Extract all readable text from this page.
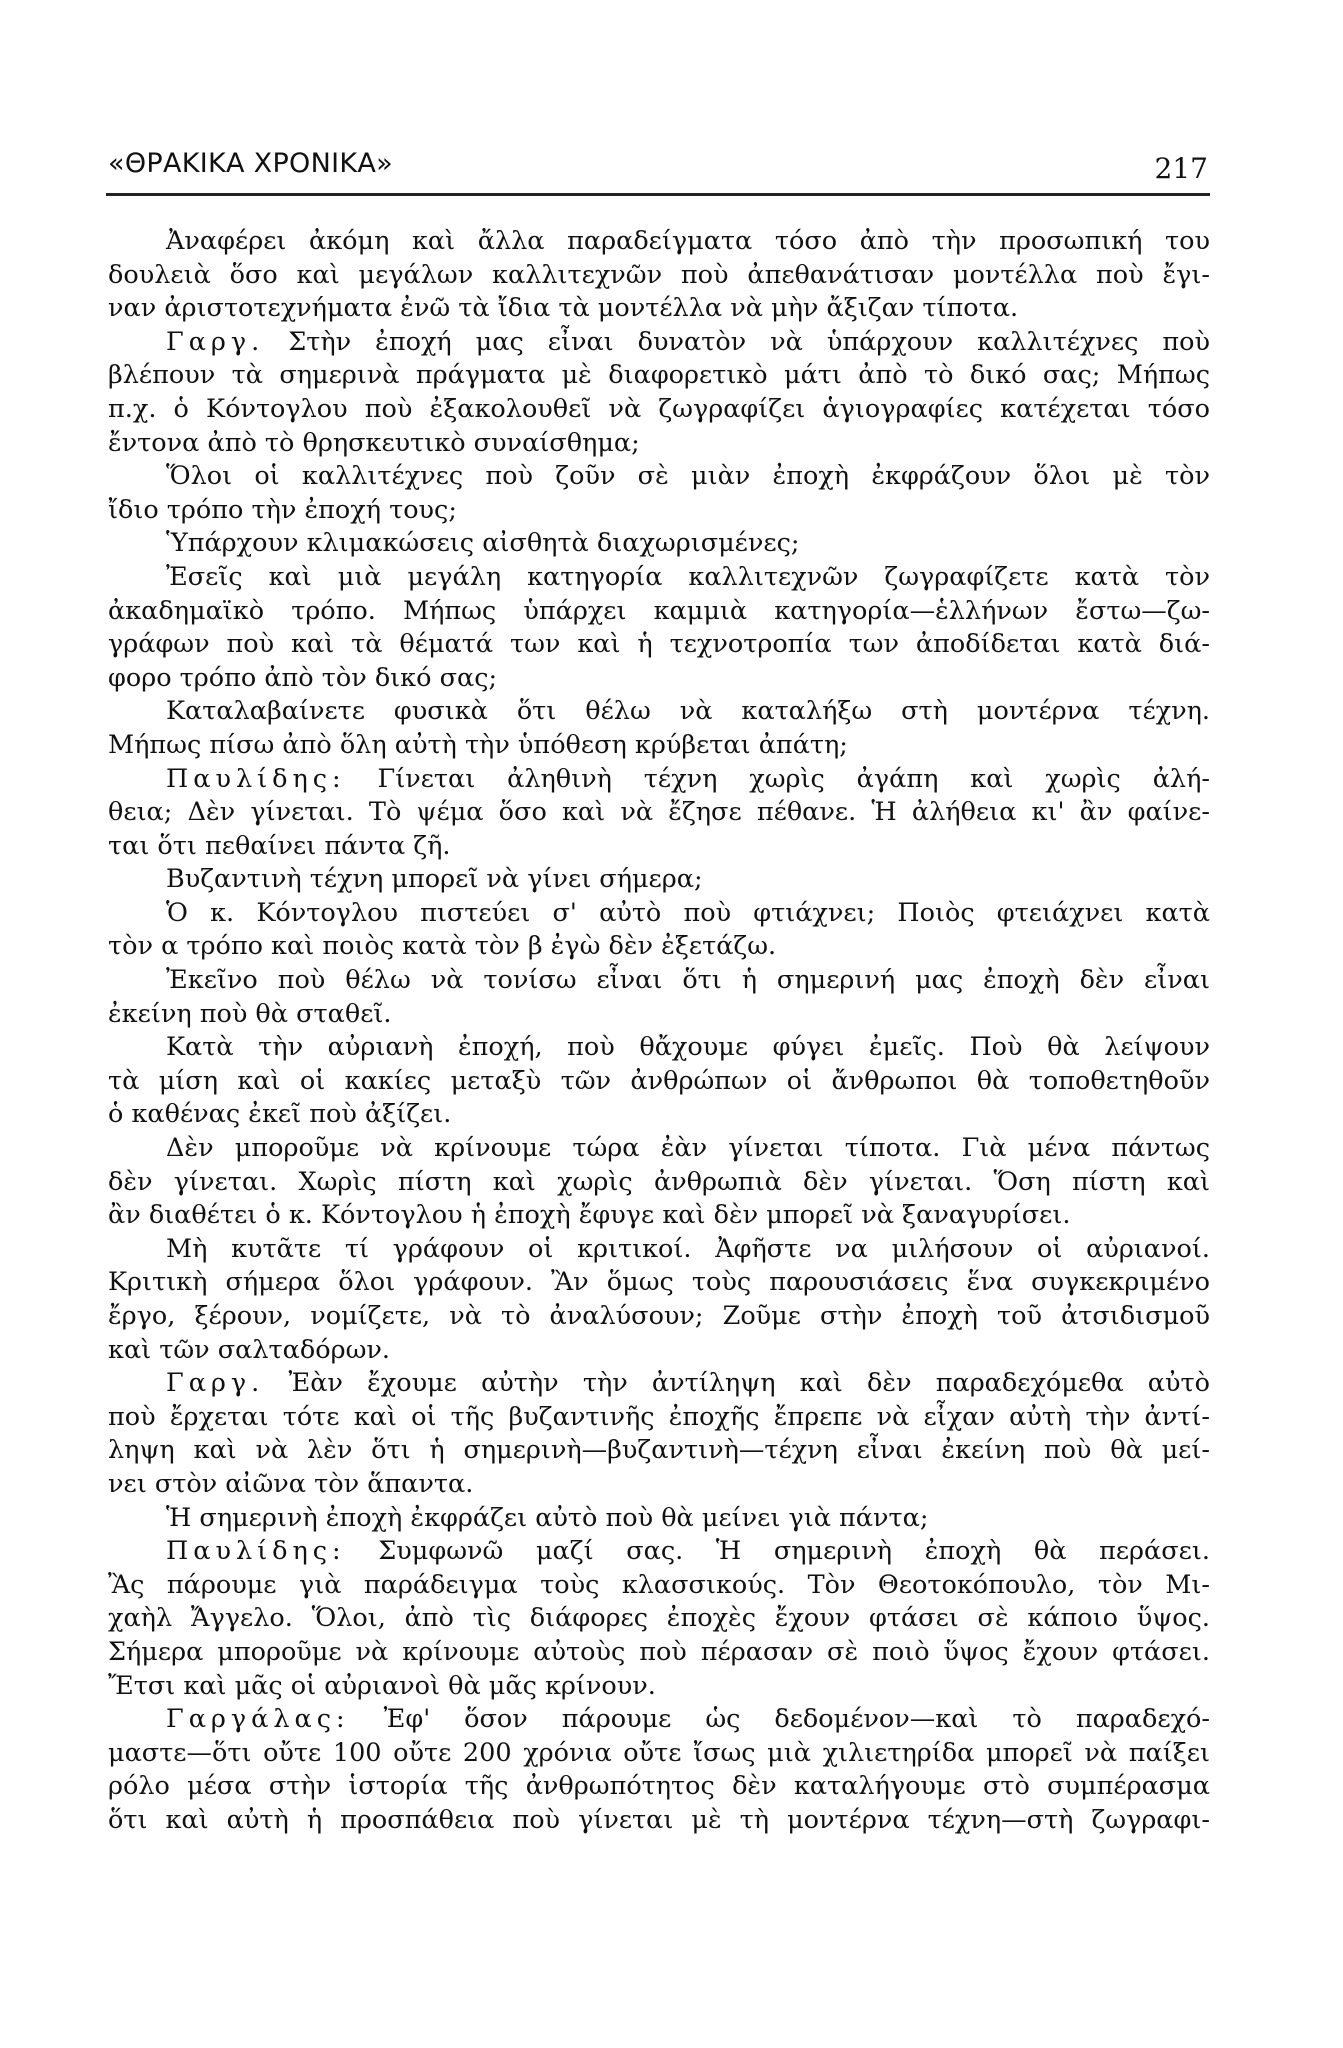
«ΘΡΑΚΙΚΑ ΧΡΟΝΙΚΑ»	217
Ἀναφέρει ἀκόμη καὶ ἄλλα παραδείγματα τόσο ἀπὸ τὴν προσωπική του
δουλειὰ ὅσο καὶ μεγάλων καλλιτεχνῶν ποὺ ἀπεθανάτισαν μοντέλλα ποὺ ἔγι-
ναν ἀριστοτεχνήματα ἐνῶ τὰ ἴδια τὰ μοντέλλα νὰ μὴν ἄξιζαν τίποτα.
Γαργ. Στὴν ἐποχή μας εἶναι δυνατὸν νὰ ὑπάρχουν καλλιτέχνες ποὺ
βλέπουν τὰ σημερινὰ πράγματα μὲ διαφορετικὸ μάτι ἀπὸ τὸ δικό σας; Μήπως
π.χ. ὁ Κόντογλου ποὺ ἐξακολουθεῖ νὰ ζωγραφίζει ἁγιογραφίες κατέχεται τόσο
ἔντονα ἀπὸ τὸ θρησκευτικὸ συναίσθημα;
Ὅλοι οἱ καλλιτέχνες ποὺ ζοῦν σὲ μιὰν ἐποχὴ ἐκφράζουν ὅλοι μὲ τὸν
ἴδιο τρόπο τὴν ἐποχή τους;
Ὑπάρχουν κλιμακώσεις αἰσθητὰ διαχωρισμένες;
Ἐσεῖς καὶ μιὰ μεγάλη κατηγορία καλλιτεχνῶν ζωγραφίζετε κατὰ τὸν
ἀκαδημαϊκὸ τρόπο. Μήπως ὑπάρχει καμμιὰ κατηγορία—ἑλλήνων ἔστω—ζω-
γράφων ποὺ καὶ τὰ θέματά των καὶ ἡ τεχνοτροπία των ἀποδίδεται κατὰ διά-
φορο τρόπο ἀπὸ τὸν δικό σας;
Καταλαβαίνετε φυσικὰ ὅτι θέλω νὰ καταλήξω στὴ μοντέρνα τέχνη.
Μήπως πίσω ἀπὸ ὅλη αὐτὴ τὴν ὑπόθεση κρύβεται ἀπάτη;
Παυλίδης: Γίνεται ἀληθινὴ τέχνη χωρὶς ἀγάπη καὶ χωρὶς ἀλή-
θεια; Δὲν γίνεται. Τὸ ψέμα ὅσο καὶ νὰ ἔζησε πέθανε. Ἡ ἀλήθεια κι' ἂν φαίνε-
ται ὅτι πεθαίνει πάντα ζῆ.
Βυζαντινὴ τέχνη μπορεῖ νὰ γίνει σήμερα;
Ὁ κ. Κόντογλου πιστεύει σ' αὐτὸ ποὺ φτιάχνει; Ποιὸς φτειάχνει κατὰ
τὸν α τρόπο καὶ ποιὸς κατὰ τὸν β ἐγὼ δὲν ἐξετάζω.
Ἐκεῖνο ποὺ θέλω νὰ τονίσω εἶναι ὅτι ἡ σημερινή μας ἐποχὴ δὲν εἶναι
ἐκείνη ποὺ θὰ σταθεῖ.
Κατὰ τὴν αὐριανὴ ἐποχή, ποὺ θἄχουμε φύγει ἐμεῖς. Ποὺ θὰ λείψουν
τὰ μίση καὶ οἱ κακίες μεταξὺ τῶν ἀνθρώπων οἱ ἄνθρωποι θὰ τοποθετηθοῦν
ὁ καθένας ἐκεῖ ποὺ ἀξίζει.
Δὲν μποροῦμε νὰ κρίνουμε τώρα ἐὰν γίνεται τίποτα. Γιὰ μένα πάντως
δὲν γίνεται. Χωρὶς πίστη καὶ χωρὶς ἀνθρωπιὰ δὲν γίνεται. Ὅση πίστη καὶ
ἂν διαθέτει ὁ κ. Κόντογλου ἡ ἐποχὴ ἔφυγε καὶ δὲν μπορεῖ νὰ ξαναγυρίσει.
Μὴ κυτᾶτε τί γράφουν οἱ κριτικοί. Ἀφῆστε να μιλήσουν οἱ αὐριανοί.
Κριτικὴ σήμερα ὅλοι γράφουν. Ἂν ὅμως τοὺς παρουσιάσεις ἕνα συγκεκριμένο
ἔργο, ξέρουν, νομίζετε, νὰ τὸ ἀναλύσουν; Ζοῦμε στὴν ἐποχὴ τοῦ ἀτσιδισμοῦ
καὶ τῶν σαλταδόρων.
Γαργ. Ἐὰν ἔχουμε αὐτὴν τὴν ἀντίληψη καὶ δὲν παραδεχόμεθα αὐτὸ
ποὺ ἔρχεται τότε καὶ οἱ τῆς βυζαντινῆς ἐποχῆς ἔπρεπε νὰ εἶχαν αὐτὴ τὴν ἀντί-
ληψη καὶ νὰ λὲν ὅτι ἡ σημερινὴ—βυζαντινὴ—τέχνη εἶναι ἐκείνη ποὺ θὰ μεί-
νει στὸν αἰῶνα τὸν ἅπαντα.
Ἡ σημερινὴ ἐποχὴ ἐκφράζει αὐτὸ ποὺ θὰ μείνει γιὰ πάντα;
Παυλίδης: Συμφωνῶ μαζί σας. Ἡ σημερινὴ ἐποχὴ θὰ περάσει.
Ἂς πάρουμε γιὰ παράδειγμα τοὺς κλασσικούς. Τὸν Θεοτοκόπουλο, τὸν Μι-
χαὴλ Ἄγγελο. Ὅλοι, ἀπὸ τὶς διάφορες ἐποχὲς ἔχουν φτάσει σὲ κάποιο ὕψος.
Σήμερα μποροῦμε νὰ κρίνουμε αὐτοὺς ποὺ πέρασαν σὲ ποιὸ ὕψος ἔχουν φτάσει.
Ἔτσι καὶ μᾶς οἱ αὐριανοὶ θὰ μᾶς κρίνουν.
Γαργάλας: Ἐφ' ὅσον πάρουμε ὡς δεδομένον—καὶ τὸ παραδεχό-
μαστε—ὅτι οὔτε 100 οὔτε 200 χρόνια οὔτε ἴσως μιὰ χιλιετηρίδα μπορεῖ νὰ παίξει
ρόλο μέσα στὴν ἱστορία τῆς ἀνθρωπότητος δὲν καταλήγουμε στὸ συμπέρασμα
ὅτι καὶ αὐτὴ ἡ προσπάθεια ποὺ γίνεται μὲ τὴ μοντέρνα τέχνη—στὴ ζωγραφι-
